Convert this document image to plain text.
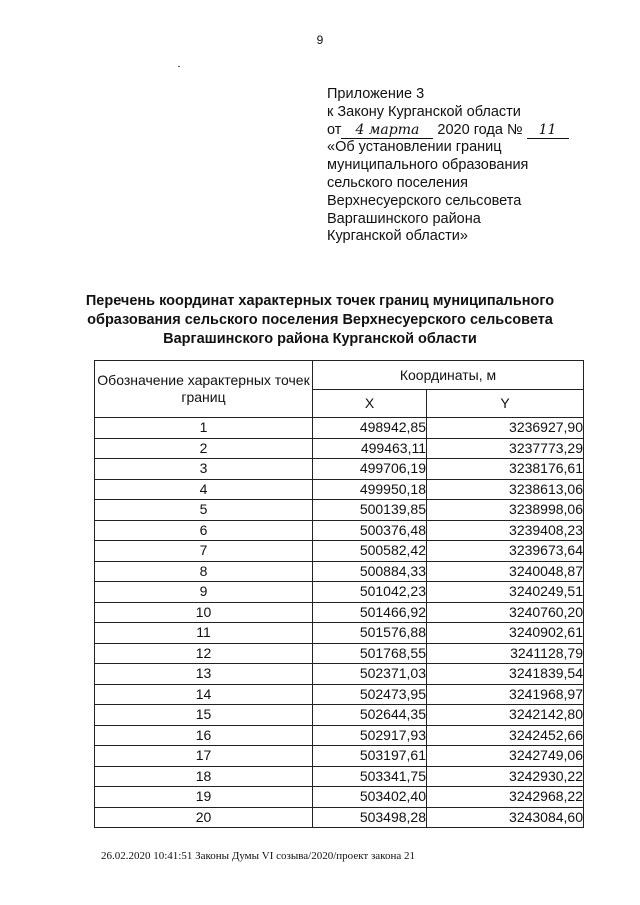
9
Приложение 3
к Закону Курганской области
от 4 марта 2020 года № 11
«Об установлении границ
муниципального образования
сельского поселения
Верхнесуерского сельсовета
Варгашинского района
Курганской области»
Перечень координат характерных точек границ муниципального
образования сельского поселения Верхнесуерского сельсовета
Варгашинского района Курганской области
Обозначение характерных точек границ	Координаты, м	
	X	Y
1	498942,85	3236927,90
2	499463,11	3237773,29
3	499706,19	3238176,61
4	499950,18	3238613,06
5	500139,85	3238998,06
6	500376,48	3239408,23
7	500582,42	3239673,64
8	500884,33	3240048,87
9	501042,23	3240249,51
10	501466,92	3240760,20
11	501576,88	3240902,61
12	501768,55	3241128,79
13	502371,03	3241839,54
14	502473,95	3241968,97
15	502644,35	3242142,80
16	502917,93	3242452,66
17	503197,61	3242749,06
18	503341,75	3242930,22
19	503402,40	3242968,22
20	503498,28	3243084,60
26.02.2020 10:41:51 Законы Думы VI созыва/2020/проект закона 21
